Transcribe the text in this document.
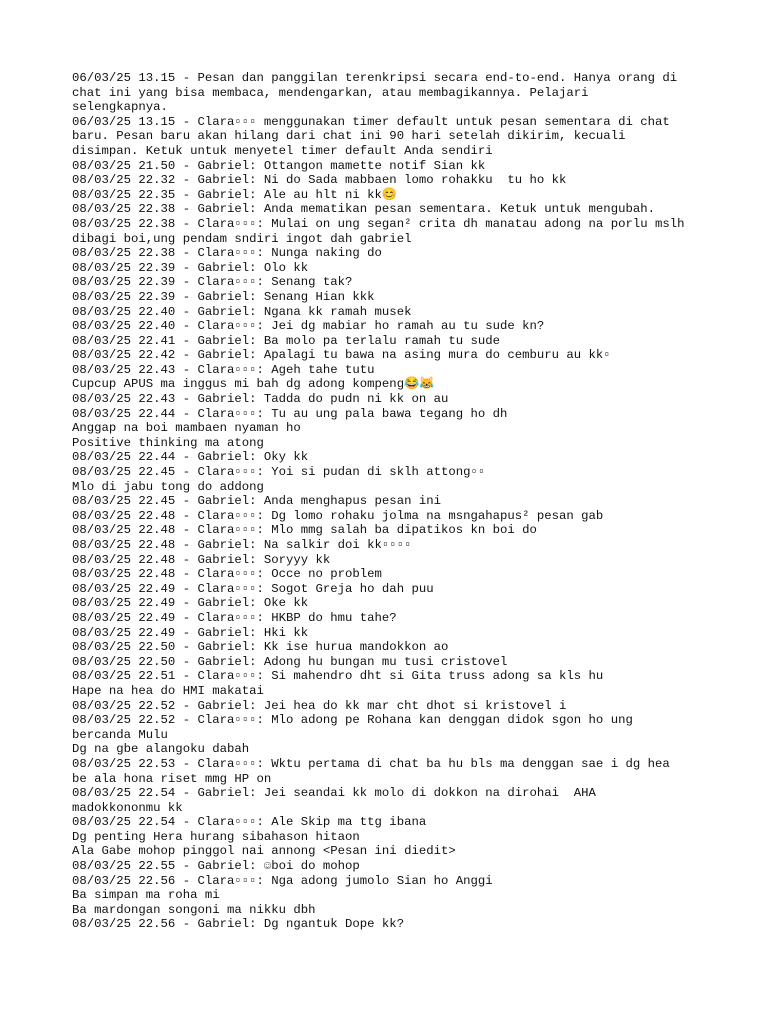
06/03/25 13.15 - Pesan dan panggilan terenkripsi secara end-to-end. Hanya orang di
chat ini yang bisa membaca, mendengarkan, atau membagikannya. Pelajari
selengkapnya.
06/03/25 13.15 - Clara▫▫▫ menggunakan timer default untuk pesan sementara di chat
baru. Pesan baru akan hilang dari chat ini 90 hari setelah dikirim, kecuali
disimpan. Ketuk untuk menyetel timer default Anda sendiri
08/03/25 21.50 - Gabriel: Ottangon mamette notif Sian kk
08/03/25 22.32 - Gabriel: Ni do Sada mabbaen lomo rohakku  tu ho kk
08/03/25 22.35 - Gabriel: Ale au hlt ni kk😊
08/03/25 22.38 - Gabriel: Anda mematikan pesan sementara. Ketuk untuk mengubah.
08/03/25 22.38 - Clara▫▫▫: Mulai on ung segan² crita dh manatau adong na porlu mslh
dibagi boi,ung pendam sndiri ingot dah gabriel
08/03/25 22.38 - Clara▫▫▫: Nunga naking do
08/03/25 22.39 - Gabriel: Olo kk
08/03/25 22.39 - Clara▫▫▫: Senang tak?
08/03/25 22.39 - Gabriel: Senang Hian kkk
08/03/25 22.40 - Gabriel: Ngana kk ramah musek
08/03/25 22.40 - Clara▫▫▫: Jei dg mabiar ho ramah au tu sude kn?
08/03/25 22.41 - Gabriel: Ba molo pa terlalu ramah tu sude
08/03/25 22.42 - Gabriel: Apalagi tu bawa na asing mura do cemburu au kk▫
08/03/25 22.43 - Clara▫▫▫: Ageh tahe tutu
Cupcup APUS ma inggus mi bah dg adong kompeng😂😹
08/03/25 22.43 - Gabriel: Tadda do pudn ni kk on au
08/03/25 22.44 - Clara▫▫▫: Tu au ung pala bawa tegang ho dh
Anggap na boi mambaen nyaman ho
Positive thinking ma atong
08/03/25 22.44 - Gabriel: Oky kk
08/03/25 22.45 - Clara▫▫▫: Yoi si pudan di sklh attong▫▫
Mlo di jabu tong do addong
08/03/25 22.45 - Gabriel: Anda menghapus pesan ini
08/03/25 22.48 - Clara▫▫▫: Dg lomo rohaku jolma na msngahapus² pesan gab
08/03/25 22.48 - Clara▫▫▫: Mlo mmg salah ba dipatikos kn boi do
08/03/25 22.48 - Gabriel: Na salkir doi kk▫▫▫▫
08/03/25 22.48 - Gabriel: Soryyy kk
08/03/25 22.48 - Clara▫▫▫: Occe no problem
08/03/25 22.49 - Clara▫▫▫: Sogot Greja ho dah puu
08/03/25 22.49 - Gabriel: Oke kk
08/03/25 22.49 - Clara▫▫▫: HKBP do hmu tahe?
08/03/25 22.49 - Gabriel: Hki kk
08/03/25 22.50 - Gabriel: Kk ise hurua mandokkon ao
08/03/25 22.50 - Gabriel: Adong hu bungan mu tusi cristovel
08/03/25 22.51 - Clara▫▫▫: Si mahendro dht si Gita truss adong sa kls hu
Hape na hea do HMI makatai
08/03/25 22.52 - Gabriel: Jei hea do kk mar cht dhot si kristovel i
08/03/25 22.52 - Clara▫▫▫: Mlo adong pe Rohana kan denggan didok sgon ho ung
bercanda Mulu
Dg na gbe alangoku dabah
08/03/25 22.53 - Clara▫▫▫: Wktu pertama di chat ba hu bls ma denggan sae i dg hea
be ala hona riset mmg HP on
08/03/25 22.54 - Gabriel: Jei seandai kk molo di dokkon na dirohai  AHA
madokkononmu kk
08/03/25 22.54 - Clara▫▫▫: Ale Skip ma ttg ibana
Dg penting Hera hurang sibahason hitaon
Ala Gabe mohop pinggol nai annong <Pesan ini diedit>
08/03/25 22.55 - Gabriel: ☺boi do mohop
08/03/25 22.56 - Clara▫▫▫: Nga adong jumolo Sian ho Anggi
Ba simpan ma roha mi
Ba mardongan songoni ma nikku dbh
08/03/25 22.56 - Gabriel: Dg ngantuk Dope kk?
